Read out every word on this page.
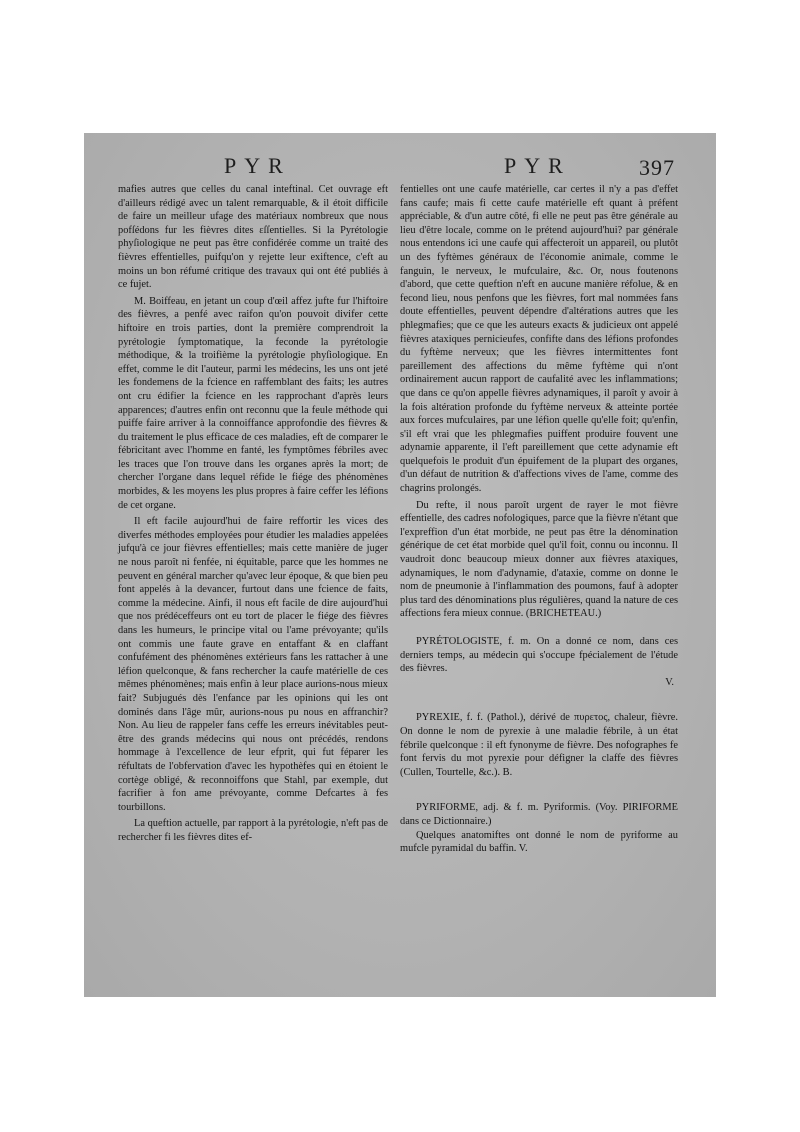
PYR	PYR	397

mafies autres que celles du canal inteftinal. Cet ouvrage eft d'ailleurs rédigé avec un talent remarquable, & il étoit difficile de faire un meilleur ufage des matériaux nombreux que nous pofſédons fur les fièvres dites ɛſſentielles. Si la Pyrétologie phyſiologique ne peut pas être confidérée comme un traité des fièvres effentielles, puifqu'on y rejette leur exiftence, c'eft au moins un bon réfumé critique des travaux qui ont été publiés à ce fujet.

M. Boiffeau, en jetant un coup d'œil affez jufte fur l'hiftoire des fièvres, a penfé avec raifon qu'on pouvoit divifer cette hiftoire en trois parties, dont la première comprendroit la pyrétologie ſymptomatique, la feconde la pyrétologie méthodique, & la troifième la pyrétologie phyſiologique. En effet, comme le dit l'auteur, parmi les médecins, les uns ont jeté les fondemens de la fcience en raffemblant des faits; les autres ont cru édifier la fcience en les rapprochant d'après leurs apparences; d'autres enfin ont reconnu que la feule méthode qui puiffe faire arriver à la connoiffance approfondie des fièvres & du traitement le plus efficace de ces maladies, eft de comparer le fébricitant avec l'homme en fanté, les fymptômes fébriles avec les traces que l'on trouve dans les organes après la mort; de chercher l'organe dans lequel réfide le fiége des phénomènes morbides, & les moyens les plus propres à faire ceffer les léfions de cet organe.

Il eft facile aujourd'hui de faire reffortir les vices des diverfes méthodes employées pour étudier les maladies appelées jufqu'à ce jour fièvres effentielles; mais cette manière de juger ne nous paroît ni fenfée, ni équitable, parce que les hommes ne peuvent en général marcher qu'avec leur époque, & que bien peu font appelés à la devancer, furtout dans une fcience de faits, comme la médecine. Ainfi, il nous eft facile de dire aujourd'hui que nos prédéceffeurs ont eu tort de placer le fiége des fièvres dans les humeurs, le principe vital ou l'ame prévoyante; qu'ils ont commis une faute grave en entaffant & en claffant confufément des phénomènes extérieurs fans les rattacher à une léfion quelconque, & fans rechercher la caufe matérielle de ces mêmes phénomènes; mais enfin à leur place aurions-nous mieux fait? Subjugués dès l'enfance par les opinions qui les ont dominés dans l'âge mûr, aurions-nous pu nous en affranchir? Non. Au lieu de rappeler fans ceffe les erreurs inévitables peut-être des grands médecins qui nous ont précédés, rendons hommage à l'excellence de leur efprit, qui fut féparer les réfultats de l'obfervation d'avec les hypothèfes qui en étoient le cortège obligé, & reconnoiffons que Stahl, par exemple, dut facrifier à fon ame prévoyante, comme Defcartes à fes tourbillons.

La queftion actuelle, par rapport à la pyrétologie, n'eft pas de rechercher fi les fièvres dites ef-

fentielles ont une caufe matérielle, car certes il n'y a pas d'effet fans caufe; mais fi cette caufe matérielle eft quant à préfent appréciable, & d'un autre côté, fi elle ne peut pas être générale au lieu d'être locale, comme on le prétend aujourd'hui? par générale nous entendons ici une caufe qui affecteroit un appareil, ou plutôt un des fyftèmes généraux de l'économie animale, comme le fanguin, le nerveux, le mufculaire, &c. Or, nous foutenons d'abord, que cette queftion n'eft en aucune manière réfolue, & en fecond lieu, nous penfons que les fièvres, fort mal nommées fans doute effentielles, peuvent dépendre d'altérations autres que les phlegmafies; que ce que les auteurs exacts & judicieux ont appelé fièvres ataxiques pernicieufes, confifte dans des léfions profondes du fyftème nerveux; que les fièvres intermittentes font pareillement des affections du même fyftème qui n'ont ordinairement aucun rapport de caufalité avec les inflammations; que dans ce qu'on appelle fièvres adynamiques, il paroît y avoir à la fois altération profonde du fyftème nerveux & atteinte portée aux forces mufculaires, par une léfion quelle qu'elle foit; qu'enfin, s'il eft vrai que les phlegmafies puiffent produire fouvent une adynamie apparente, il l'eft pareillement que cette adynamie eft quelquefois le produit d'un épuifement de la plupart des organes, d'un défaut de nutrition & d'affections vives de l'ame, comme des chagrins prolongés.

Du refte, il nous paroît urgent de rayer le mot fièvre effentielle, des cadres nofologiques, parce que la fièvre n'étant que l'expreffion d'un état morbide, ne peut pas être la dénomination générique de cet état morbide quel qu'il foit, connu ou inconnu. Il vaudroit donc beaucoup mieux donner aux fièvres ataxiques, adynamiques, le nom d'adynamie, d'ataxie, comme on donne le nom de pneumonie à l'inflammation des poumons, fauf à adopter plus tard des dénominations plus régulières, quand la nature de ces affections fera mieux connue. (BRICHETEAU.)

PYRÉTOLOGISTE, f. m. On a donné ce nom, dans ces derniers temps, au médecin qui s'occupe fpécialement de l'étude des fièvres.

V.

PYREXIE, f. f. (Pathol.), dérivé de πυρετος, chaleur, fièvre. On donne le nom de pyrexie à une maladie fébrile, à un état fébrile quelconque : il eft fynonyme de fièvre. Des nofographes fe font fervis du mot pyrexie pour défigner la claffe des fièvres (Cullen, Tourtelle, &c.). B.

PYRIFORME, adj. & f. m. Pyriformis. (Voy. PIRIFORME dans ce Dictionnaire.)

Quelques anatomiftes ont donné le nom de pyriforme au mufcle pyramidal du baffin. V.
